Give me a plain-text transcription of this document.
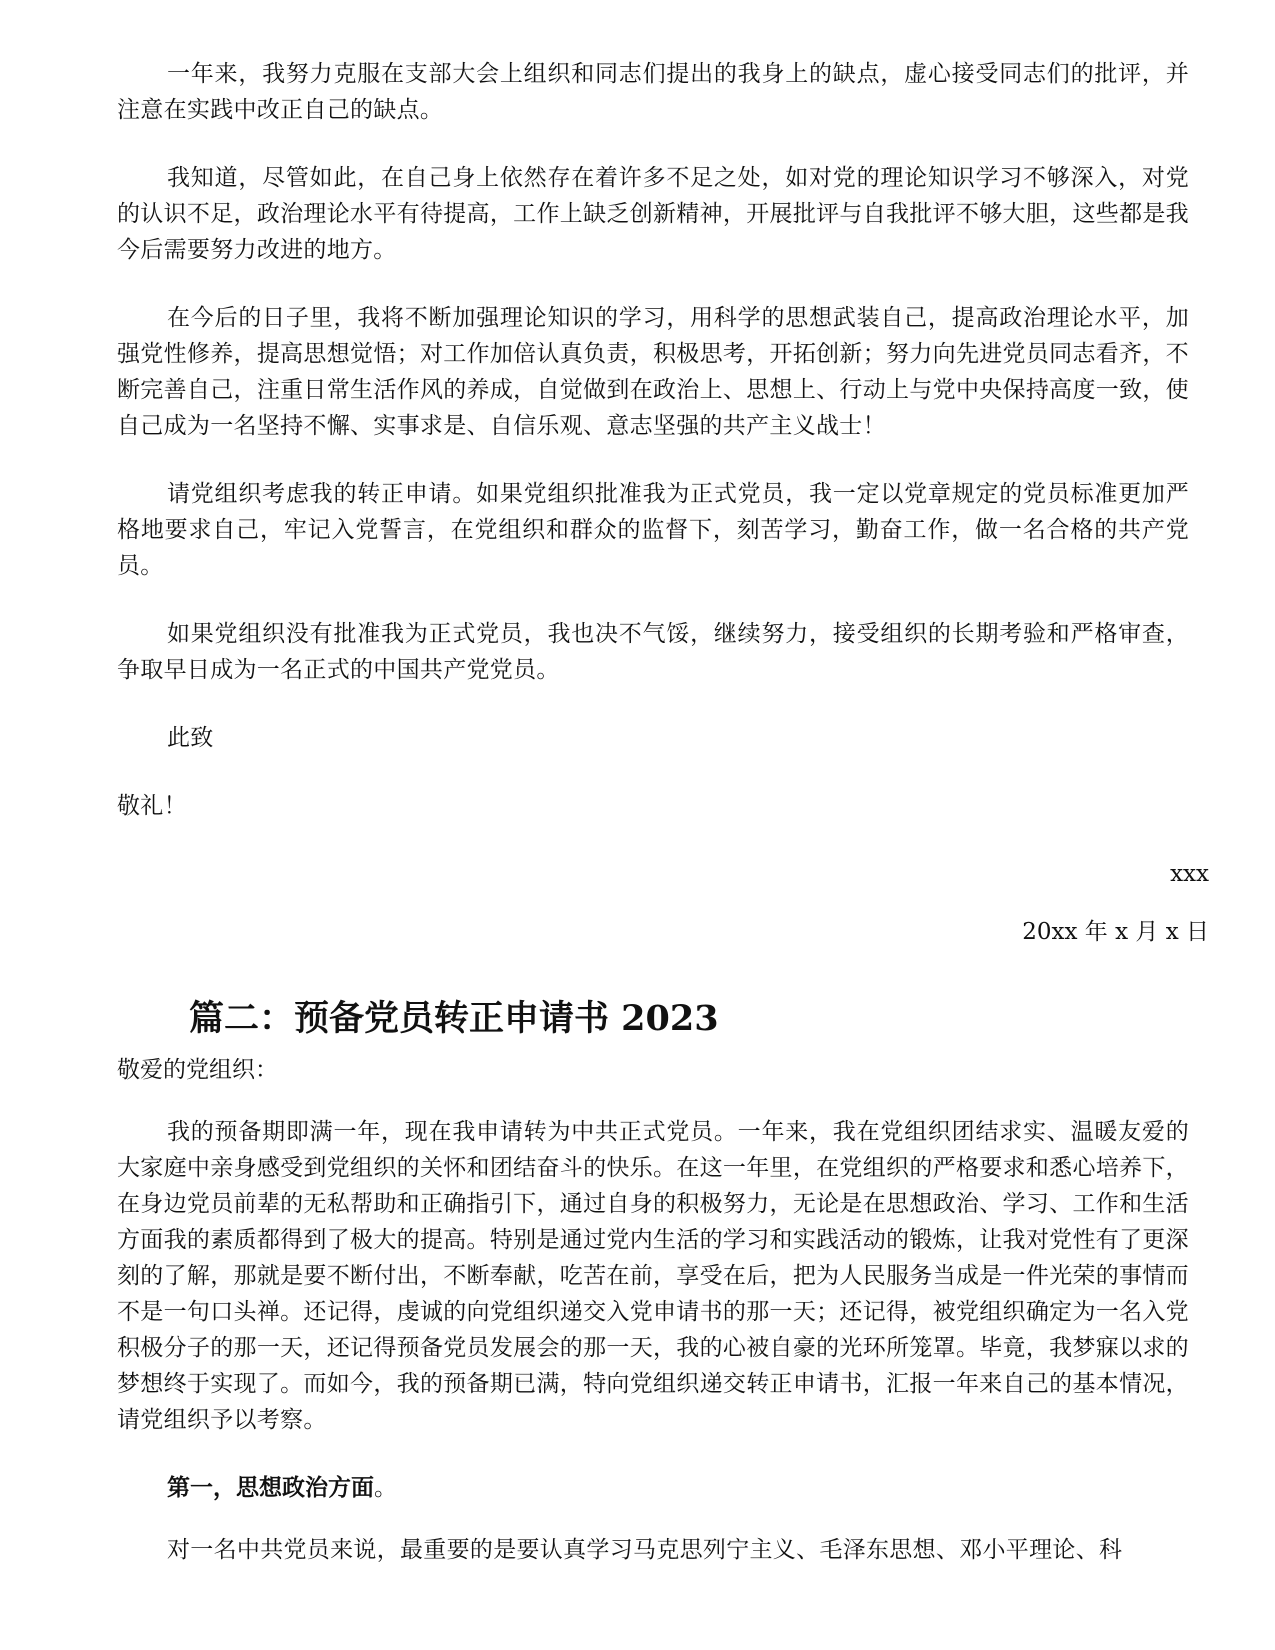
一年来，我努力克服在支部大会上组织和同志们提出的我身上的缺点，虚心接受同志们的批评，并注意在实践中改正自己的缺点。

我知道，尽管如此，在自己身上依然存在着许多不足之处，如对党的理论知识学习不够深入，对党的认识不足，政治理论水平有待提高，工作上缺乏创新精神，开展批评与自我批评不够大胆，这些都是我今后需要努力改进的地方。

在今后的日子里，我将不断加强理论知识的学习，用科学的思想武装自己，提高政治理论水平，加强党性修养，提高思想觉悟；对工作加倍认真负责，积极思考，开拓创新；努力向先进党员同志看齐，不断完善自己，注重日常生活作风的养成，自觉做到在政治上、思想上、行动上与党中央保持高度一致，使自己成为一名坚持不懈、实事求是、自信乐观、意志坚强的共产主义战士！

请党组织考虑我的转正申请。如果党组织批准我为正式党员，我一定以党章规定的党员标准更加严格地要求自己，牢记入党誓言，在党组织和群众的监督下，刻苦学习，勤奋工作，做一名合格的共产党员。

如果党组织没有批准我为正式党员，我也决不气馁，继续努力，接受组织的长期考验和严格审查，争取早日成为一名正式的中国共产党党员。

此致

敬礼！

xxx

20xx 年 x 月 x 日

篇二：预备党员转正申请书 2023

敬爱的党组织：

我的预备期即满一年，现在我申请转为中共正式党员。一年来，我在党组织团结求实、温暖友爱的大家庭中亲身感受到党组织的关怀和团结奋斗的快乐。在这一年里，在党组织的严格要求和悉心培养下，在身边党员前辈的无私帮助和正确指引下，通过自身的积极努力，无论是在思想政治、学习、工作和生活方面我的素质都得到了极大的提高。特别是通过党内生活的学习和实践活动的锻炼，让我对党性有了更深刻的了解，那就是要不断付出，不断奉献，吃苦在前，享受在后，把为人民服务当成是一件光荣的事情而不是一句口头禅。还记得，虔诚的向党组织递交入党申请书的那一天；还记得，被党组织确定为一名入党积极分子的那一天，还记得预备党员发展会的那一天，我的心被自豪的光环所笼罩。毕竟，我梦寐以求的梦想终于实现了。而如今，我的预备期已满，特向党组织递交转正申请书，汇报一年来自己的基本情况，请党组织予以考察。

第一，思想政治方面。

对一名中共党员来说，最重要的是要认真学习马克思列宁主义、毛泽东思想、邓小平理论、科
